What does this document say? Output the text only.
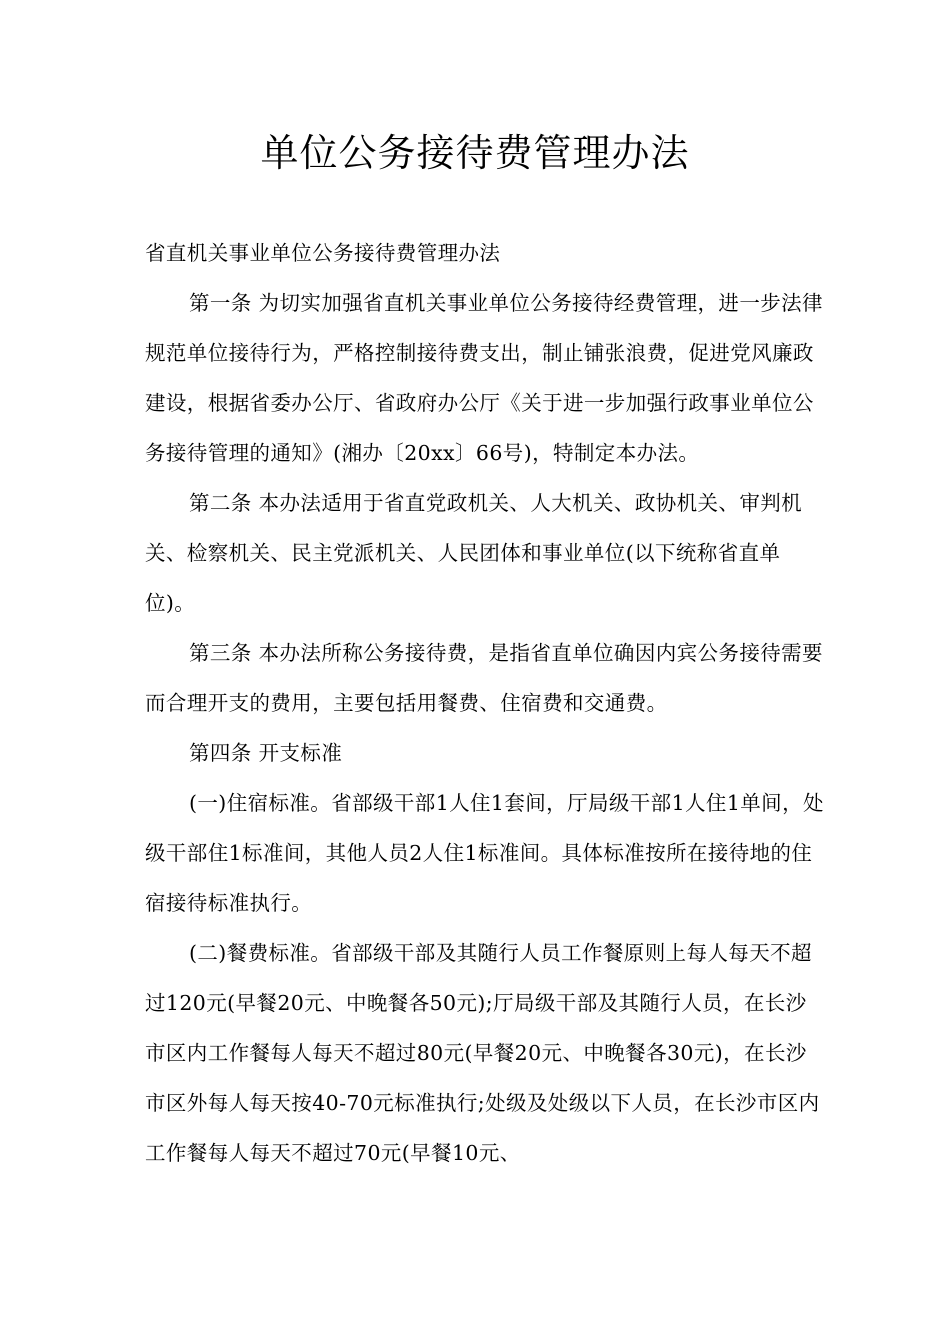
单位公务接待费管理办法

省直机关事业单位公务接待费管理办法

第一条 为切实加强省直机关事业单位公务接待经费管理，进一步法律规范单位接待行为，严格控制接待费支出，制止铺张浪费，促进党风廉政建设，根据省委办公厅、省政府办公厅《关于进一步加强行政事业单位公务接待管理的通知》(湘办〔20xx〕66号)，特制定本办法。

第二条 本办法适用于省直党政机关、人大机关、政协机关、审判机关、检察机关、民主党派机关、人民团体和事业单位(以下统称省直单位)。

第三条 本办法所称公务接待费，是指省直单位确因内宾公务接待需要而合理开支的费用，主要包括用餐费、住宿费和交通费。

第四条 开支标准

(一)住宿标准。省部级干部1人住1套间，厅局级干部1人住1单间，处级干部住1标准间，其他人员2人住1标准间。具体标准按所在接待地的住宿接待标准执行。

(二)餐费标准。省部级干部及其随行人员工作餐原则上每人每天不超过120元(早餐20元、中晚餐各50元);厅局级干部及其随行人员，在长沙市区内工作餐每人每天不超过80元(早餐20元、中晚餐各30元)，在长沙市区外每人每天按40-70元标准执行;处级及处级以下人员，在长沙市区内工作餐每人每天不超过70元(早餐10元、
